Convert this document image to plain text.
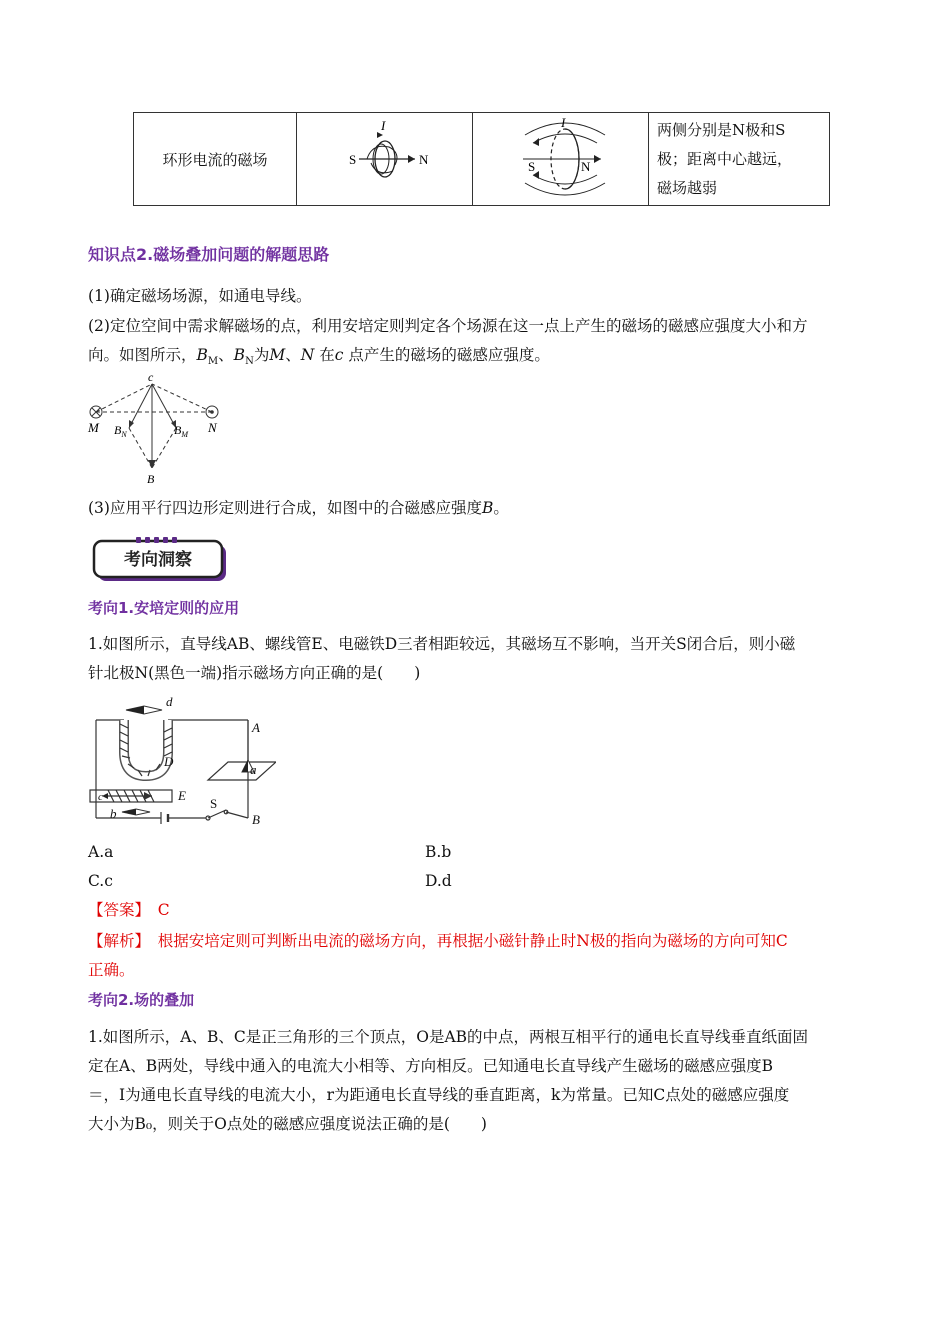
环形电流的磁场	S	N
I	I
S	N

两侧分别是N极和S
极；距离中心越远，
磁场越弱
知识点2.磁场叠加问题的解题思路
(1)确定磁场场源，如通电导线。
(2)定位空间中需求解磁场的点，利用安培定则判定各个场源在这一点上产生的磁场的磁感应强度大小和方
向。如图所示，$B_M$、$B_N$为M、N 在c 点产生的磁场的磁感应强度。
c
M	N
$B_N$	$B_M$
B
(3)应用平行四边形定则进行合成，如图中的合磁感应强度B。
考向洞察
考向1.安培定则的应用
1.如图所示，直导线AB、螺线管E、电磁铁D三者相距较远，其磁场互不影响，当开关S闭合后，则小磁
针北极N(黑色一端)指示磁场方向正确的是(　　)
d
A
D
a
c	E
b
S
B
A.a	B.b
C.c	D.d
【答案】　 C
【解析】　 根据安培定则可判断出电流的磁场方向，再根据小磁针静止时N极的指向为磁场的方向可知C
正确。
考向2.场的叠加
1.如图所示，A、B、C是正三角形的三个顶点，O是AB的中点，两根互相平行的通电长直导线垂直纸面固
定在A、B两处，导线中通入的电流大小相等、方向相反。已知通电长直导线产生磁场的磁感应强度B
＝，I为通电长直导线的电流大小，r为距通电长直导线的垂直距离，k为常量。已知C点处的磁感应强度
大小为B₀，则关于O点处的磁感应强度说法正确的是(　　)
